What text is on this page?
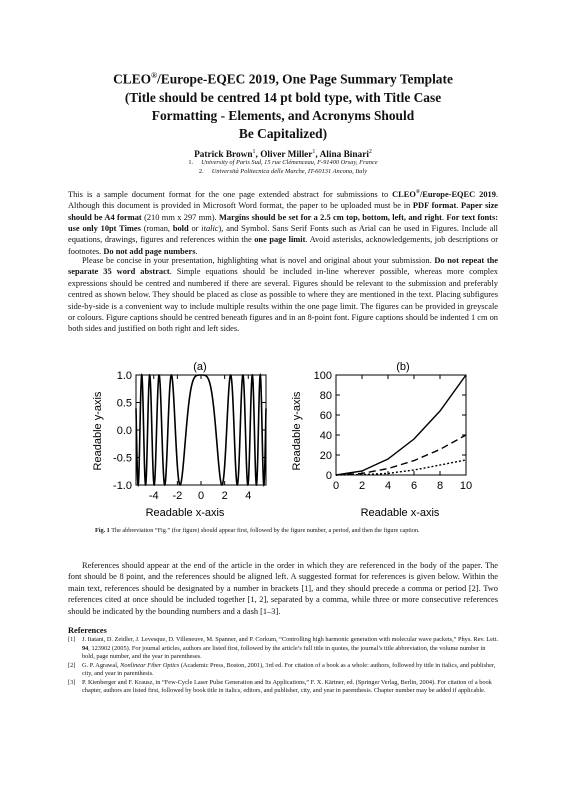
CLEO®/Europe-EQEC 2019, One Page Summary Template
(Title should be centred 14 pt bold type, with Title Case
Formatting - Elements, and Acronyms Should
Be Capitalized)
Patrick Brown$^1$, Oliver Miller$^1$, Alina Binari$^2$
1. University of Paris Sud, 15 rue Clémenceau, F-91400 Orsay, France
2. Università Politecnica delle Marche, IT-60131 Ancona, Italy

This is a sample document format for the one page extended abstract for submissions to CLEO®/Europe-EQEC 2019. Although this document is provided in Microsoft Word format, the paper to be uploaded must be in PDF format. Paper size should be A4 format (210 mm x 297 mm). Margins should be set for a 2.5 cm top, bottom, left, and right. For text fonts: use only 10pt Times (roman, bold or italic), and Symbol. Sans Serif Fonts such as Arial can be used in Figures. Include all equations, drawings, figures and references within the one page limit. Avoid asterisks, acknowledgements, job descriptions or footnotes. Do not add page numbers.

Please be concise in your presentation, highlighting what is novel and original about your submission. Do not repeat the separate 35 word abstract. Simple equations should be included in-line wherever possible, whereas more complex expressions should be centred and numbered if there are several. Figures should be relevant to the submission and preferably centred as shown below. They should be placed as close as possible to where they are mentioned in the text. Placing subfigures side-by-side is a convenient way to include multiple results within the one page limit. The figures can be provided in greyscale or colours. Figure captions should be centred beneath figures and in an 8-point font. Figure captions should be indented 1 cm on both sides and justified on both right and left sides.

(a)
Readable x-axis
Readable y-axis
-4 -2 0 2 4
1.0
0.5
0.0
-0.5
-1.0
(b)
Readable x-axis
Readable y-axis
0 2 4 6 8 10
100
80
60
40
20
0
Fig. 1 The abbreviation “Fig.” (for figure) should appear first, followed by the figure number, a period, and then the figure caption.

References should appear at the end of the article in the order in which they are referenced in the body of the paper. The font should be 8 point, and the references should be aligned left. A suggested format for references is given below. Within the main text, references should be designated by a number in brackets [1], and they should precede a comma or period [2]. Two references cited at once should be included together [1, 2], separated by a comma, while three or more consecutive references should be indicated by the bounding numbers and a dash [1–3].

References
[1]	J. Itatani, D. Zeidler, J. Levesque, D. Villeneuve, M. Spanner, and P. Corkum, “Controlling high harmonic generation with molecular wave packets,” Phys. Rev. Lett. 94, 123902 (2005). For journal articles, authors are listed first, followed by the article’s full title in quotes, the journal’s title abbreviation, the volume number in bold, page number, and the year in parentheses.
[2]	G. P. Agrawal, Nonlinear Fiber Optics (Academic Press, Boston, 2001), 3rd ed. For citation of a book as a whole: authors, followed by title in italics, and publisher, city, and year in parenthesis.
[3]	P. Kienberger and F. Krausz, in “Few-Cycle Laser Pulse Generation and Its Applications,” F. X. Kärtner, ed. (Springer Verlag, Berlin, 2004). For citation of a book chapter, authors are listed first, followed by book title in italics, editors, and publisher, city, and year in parenthesis. Chapter number may be added if applicable.
